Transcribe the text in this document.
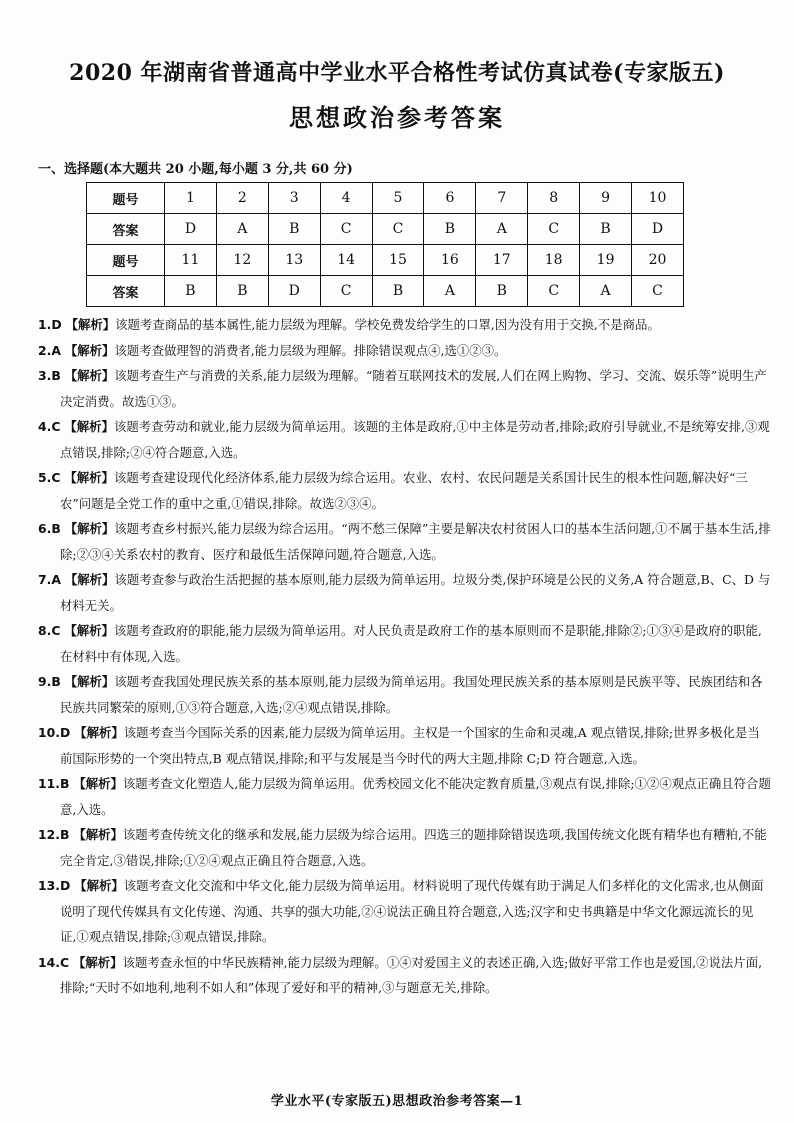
2020 年湖南省普通高中学业水平合格性考试仿真试卷(专家版五)
思想政治参考答案
一、选择题(本大题共 20 小题,每小题 3 分,共 60 分)
题号	1	2	3	4	5	6	7	8	9	10
答案	D	A	B	C	C	B	A	C	B	D
题号	11	12	13	14	15	16	17	18	19	20
答案	B	B	D	C	B	A	B	C	A	C
1.D 【解析】该题考查商品的基本属性,能力层级为理解。学校免费发给学生的口罩,因为没有用于交换,不是商品。
2.A 【解析】该题考查做理智的消费者,能力层级为理解。排除错误观点④,选①②③。
3.B 【解析】该题考查生产与消费的关系,能力层级为理解。“随着互联网技术的发展,人们在网上购物、学习、交流、娱乐等”说明生产决定消费。故选①③。
4.C 【解析】该题考查劳动和就业,能力层级为简单运用。该题的主体是政府,①中主体是劳动者,排除;政府引导就业,不是统筹安排,③观点错误,排除;②④符合题意,入选。
5.C 【解析】该题考查建设现代化经济体系,能力层级为综合运用。农业、农村、农民问题是关系国计民生的根本性问题,解决好“三农”问题是全党工作的重中之重,①错误,排除。故选②③④。
6.B 【解析】该题考查乡村振兴,能力层级为综合运用。“两不愁三保障”主要是解决农村贫困人口的基本生活问题,①不属于基本生活,排除;②③④关系农村的教育、医疗和最低生活保障问题,符合题意,入选。
7.A 【解析】该题考查参与政治生活把握的基本原则,能力层级为简单运用。垃圾分类,保护环境是公民的义务,A 符合题意,B、C、D 与材料无关。
8.C 【解析】该题考查政府的职能,能力层级为简单运用。对人民负责是政府工作的基本原则而不是职能,排除②;①③④是政府的职能,在材料中有体现,入选。
9.B 【解析】该题考查我国处理民族关系的基本原则,能力层级为简单运用。我国处理民族关系的基本原则是民族平等、民族团结和各民族共同繁荣的原则,①③符合题意,入选;②④观点错误,排除。
10.D 【解析】该题考查当今国际关系的因素,能力层级为简单运用。主权是一个国家的生命和灵魂,A 观点错误,排除;世界多极化是当前国际形势的一个突出特点,B 观点错误,排除;和平与发展是当今时代的两大主题,排除 C;D 符合题意,入选。
11.B 【解析】该题考查文化塑造人,能力层级为简单运用。优秀校园文化不能决定教育质量,③观点有误,排除;①②④观点正确且符合题意,入选。
12.B 【解析】该题考查传统文化的继承和发展,能力层级为综合运用。四选三的题排除错误选项,我国传统文化既有精华也有糟粕,不能完全肯定,③错误,排除;①②④观点正确且符合题意,入选。
13.D 【解析】该题考查文化交流和中华文化,能力层级为简单运用。材料说明了现代传媒有助于满足人们多样化的文化需求,也从侧面说明了现代传媒具有文化传递、沟通、共享的强大功能,②④说法正确且符合题意,入选;汉字和史书典籍是中华文化源远流长的见证,①观点错误,排除;③观点错误,排除。
14.C 【解析】该题考查永恒的中华民族精神,能力层级为理解。①④对爱国主义的表述正确,入选;做好平常工作也是爱国,②说法片面,排除;“天时不如地利,地利不如人和”体现了爱好和平的精神,③与题意无关,排除。
学业水平(专家版五)思想政治参考答案—1
